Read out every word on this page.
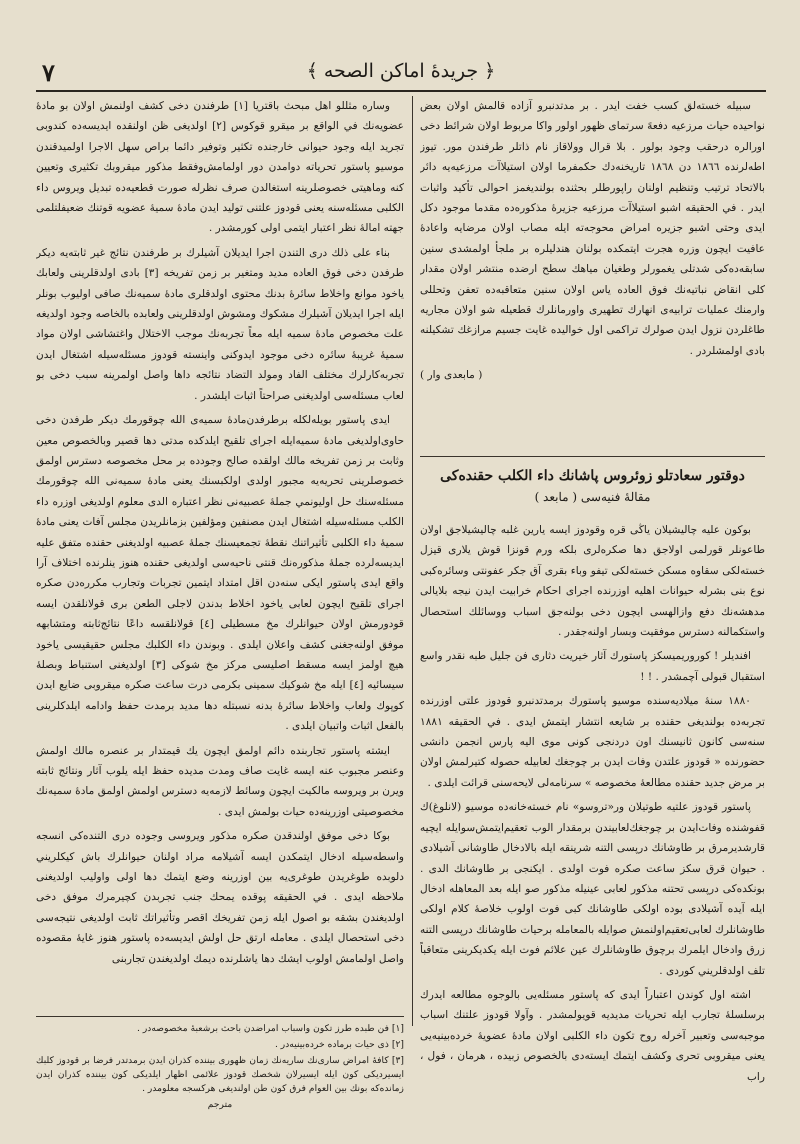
٧	﴿ جريدهٔ اماكن الصحه ﴾

سبيله خسته‌لق كسب خفت ايدر . بر مدتدنبرو آزاده قالمش اولان بعض نواحيده حيات مرزعيه دفعهً سرتماى ظهور اولور واكا مربوط اولان شرائط دخى اورالره درحقب وجود بولور . بلا قرال وولاقاز نام ذاتلر طرفندن مور. تيوز اطه‌لرنده ١٨٦٦ دن ١٨٦٨ تاريخنه‌دك حكمفرما اولان استيلاآت مرزعيه‌يه دائر بالاتحاد ترتيب وتنظيم اولنان راپورطلر بحثنده بولنديغمز احوالى تأكيد واثبات ايدر . في الحقيقه اشبو استيلاآت مرزعيه جزيرهٔ مذكوره‌ده مقدما موجود دكل ايدى وحتى اشبو جزيره امراض محوجه‌ته ايله مصاب اولان مرضايه واعادهٔ عافيت ايچون وزره هجرت ايتمكده بولنان هندليلره بر ملجأ اولمشدى سنين سابقه‌ده‌كى شدتلى يغمورلر وطغيان مياهك سطح ارضده منتشر اولان مقدار كلى انقاض نباتيه‌نك فوق العاده ياس اولان سنين متعاقبه‌ده تعفن وتحللى وارمنك عمليات ترابيه‌ى انهارك تطهيرى واورمانلرك قطعيله شو اولان مجاريه طاغلردن نزول ايدن صولرك تراكمى اول خواليده غايت جسيم مرازغك تشكيلنه بادى اولمشلردر .

( مابعدى وار )

دوقتور سعادتلو زوئروس پاشانك داء الكلب حقنده‌كى
مقالهٔ فنيه‌سى ( مابعد )

بوكون عليه چاليشيلان ياڭى قره وقودوز ايسه يارين غلبه چاليشيلاجق اولان طاعونلر قورلمى اولاجق دها صكره‌لرى بلكه ورم قونزا قوش يلارى قيزل خسته‌لكى سقاوه مسكن خسته‌لكى تيفو وباء بقرى آق جكر عفونتى وسائره‌كبى نوع بنى بشرله حيوانات اهليه اوزرنده اجراى احكام خرابيت ايدن نيجه بلايالى مدهشه‌نك دفع وازالهسى ايچون دخى بولنه‌جق اسباب ووسائلك استحصال واستكمالنه دسترس موفقيت وبسار اولنه‌جقدر .

افنديلر ! كوروريميسكز پاستورك آثار خيريت دثارى فن جليل طبه نقدر واسع استقبال قبولى آچمشدر . ! !

١٨٨٠ سنهٔ ميلاديه‌سنده موسيو پاستورك برمدتدنبرو قودوز علتى اوزرنده تجربه‌ده بولنديغى حقنده بر شايعه انتشار ايتمش ايدى . في الحقيقه ١٨٨١ سنه‌سى كانون ثانيسنك اون دردنجى كونى موى اليه پارس انجمن دانشى حضورنده « قودوز علتدن وفات ايدن بر چوجغك لعابيله حصوله كتيرلمش اولان بر مرض جديد حقنده مطالعهٔ مخصوصه » سرنامه‌لى لايحه‌سنى قرائت ايلدى .

پاستور قودوز علتيه طوتيلان ور«تروسو» نام خسته‌خانه‌ده موسيو (لانلوغ)ك قفوشنده وفات‌ايدن بر چوجغك‌لعابيندن برمقدار الوب تعقيم‌ايتمش‌سوايله ايچيه قارشديرمرق بر طاوشانك درپسى التنه شرينقه ايله بالادخال طاوشانى آشيلادى . حيوان قرق سكز ساعت صكره فوت اولدى . ايكنجى بر طاوشانك الدى . بونكده‌كى درپسى تحتنه مذكور لعابى عينيله مذكور صو ايله بعد المعاهله ادخال ايله آيده آشيلادى بوده اولكى طاوشانك كبى فوت اولوب خلاصهٔ كلام اولكى طاوشانلرك لعابى‌تعقيم‌اولنمش صوايله بالمعامله برحيات طاوشانك درپسى التنه زرق وادخال ايلمرك برچوق طاوشانلرك عين علائم فوت ايله يكديكرينى متعاقباً تلف اولدقلريني كوردى .

اشته اول كوندن اعتباراً ايدى كه پاستور مسئله‌يى بالوجوه مطالعه ايدرك برسلسلهٔ تجارب ايله تحريات مديديه قويولمشدر . وآولا قودوز علتنك اسباب موجبه‌سى وتعبير آخرله روح تكون داء الكلبى اولان مادهٔ عضويهٔ خرده‌بينيه‌يى يعنى ميقروبى تحرى وكشف ايتمك ايسته‌دى بالخصوص زبيده ، هرمان ، فول ، راب

وساره مثللو اهل مبحث باقتريا [١] طرفندن دخى كشف اولنمش اولان بو مادهٔ عضويه‌نك في الواقع بر ميقرو قوكوس [٢] اولديغى ظن اولنقده ايديسه‌ده كندوبى تجريد ايله وجود حيوانى خارجنده تكثير وتوفير دائما براص سهل الاجرا اولميدقندن موسيو پاستور تحرياته دوامدن دور اولمامش‌وفقط مذكور ميقروبك تكثيرى وتعيين كنه وماهيتى خصوصلرينه استغالدن صرف نظرله صورت قطعيه‌ده تبديل ويروس داء الكلبى مسئله‌سنه يعنى قودوز علتنى توليد ايدن مادهٔ سميهٔ عضويه قوتنك ضعيفلتلمى جهته امالهٔ نظر اعتبار ايتمى اولى كورمشدر .

بناء على ذلك درى التندن اجرا ايديلان آشيلرك بر طرفندن نتائج غير ثابته‌يه ديكر طرفدن دخى فوق العاده مديد ومتغير بر زمن تفريخه [٣] بادى اولدقلرينى ولعابك ياخود موانع واخلاط سائرهٔ بدنك محتوى اولدقلرى مادهٔ سميه‌نك صافى اوليوب بونلر ايله اجرا ايديلان آشيلرك مشكوك ومشوش اولدقلرينى ولعابده بالخاصه وجود اولديغه علت مخصوص مادهٔ سميه ايله معاً تجربه‌نك موجب الاختلال واغتشاشى اولان مواد سميهٔ غريبهٔ سائره دخى موجود ايدوكنى واينسته قودوز مسئله‌سيله اشتغال ايدن تجربه‌كارلرك مختلف الفاد ومولد التضاد نتائجه داها واصل اولمرينه سبب دخى بو لعاب مسئله‌سى اولديغنى صراحتاً اثبات ايلشدر .

ايدى پاستور بويله‌لكله برطرفدن‌مادهٔ سميه‌ى الله چوقورمك ديكر طرفدن دخى حاوى‌اولديغى مادهٔ سميه‌ايله اجراى تلقيح ايلدكده مدتى دها قصير وبالخصوص معين وثابت بر زمن تفريخه مالك اولقده صالح وجودده بر محل مخصوصه دسترس اولمق خصوصلرينى تحريه‌يه مجبور اولدى اولكبسنك يعنى مادهٔ سميه‌نى الله چوقورمك مسئله‌سنك حل اوليونمي جملهٔ عصبيه‌نى نظر اعتباره الدى معلوم اولديغى اوزره داء الكلب مسئله‌سيله اشتغال ايدن مصنفين ومؤلفين بزمانلريدن مجلس آفات يعنى مادهٔ سميهٔ داء الكلبى تأثيراتنك نقطهٔ تجمعيسنك جملهٔ عصبيه اولديغنى حقنده متفق عليه ايديسه‌لرده جملهٔ مذكوره‌نك قنتى ناحيه‌سى اولديغى حقنده هنوز ينلرنده اختلاف آرا واقع ايدى پاستور ايكى سنه‌دن اقل امتداد ايتمين تجربات وتجارب مكرره‌دن صكره اجراى تلقيح ايچون لعابى ياخود اخلاط بدندن لاجلى الطعن برى قولانلقدن ايسه قودورمش اولان حيوانلرك مخ مسطيلى [٤] قولانلقسه داعًا نتائج‌ثابته ومتشابهه موفق اولنه‌جغنى كشف واعلان ايلدى . وبوندن داء الكلبك مجلس حقيقيسى ياخود هيچ اولمز ايسه مسقط اصليسى مركز مخ شوكى [٣] اولديغنى استنباط وبصلهٔ سيسائيه [٤] ايله مخ شوكيك سمينى بكرمى درت ساعت صكره ميقروبى ضايع ايدن كوپوك ولعاب واخلاط سائرهٔ بدنه نسبتله دها مديد برمدت حفظ وادامه ايلدكلرينى بالفعل اثبات واتبيان ايلدى .

ايشته پاستور تجاربنده دائم اولمق ايچون يك قيمتدار بر عنصره مالك اولمش وعنصر مجبوب عنه ايسه غايت صاف ومدت مديده حفظ ايله يلوب آثار ونتائج ثابته ويرن بر ويروسه مالكيت ايچون وسائط لازمه‌يه دسترس اولمش اولمق مادهٔ سميه‌نك مخصوصيتى اوزرينه‌ده حيات بولمش ايدى .

بوكا دخى موفق اولندقدن صكره مذكور ويروسى وجوده درى التنده‌كى انسجه واسطه‌سيله ادخال ايتمكدن ايسه آشيلامه مراد اولنان حيوانلرك باش كيكلريني دلوبده طوغريدن طوغرى‌يه بين اوزرينه وضع ايتمك دها اولى واوليب اولديغنى ملاحظه ايدى . في الحقيقه پوقده يمحك جنب تجربدن كچيرمرك موفق دخى اولديغندن بشقه بو اصول ايله زمن تفريخك اقصر وتأثيراتك ثابت اولديغى نتيجه‌سى دخى استحصال ايلدى . معامله ارتق حل اولش ايديسه‌ده پاستور هنوز غايهٔ مقصوده واصل اولمامش اولوب ايشك دها ياشلرنده ديمك اولديغندن تجاربنى

[١] فن طبده طرز تكون واسباب امراضدن باحث برشعبهٔ مخصوصه‌در .
[٢] ذى حيات برماده خرده‌بينيه‌در .
[٣] كافهٔ امراض سارى‌نك ساريه‌نك زمان ظهورى بيننده كذران ايدن برمدتدر فرضا بر قودوز كلبك ايسيرديكى كون ايله ايسيرلان شخصك قودوز علائمى اظهار ايلديكى كون بيننده كذران ايدن زمانده‌كه بونك بين العوام فرق كون طن اولنديغى هركسجه معلومدر .
مترجم
